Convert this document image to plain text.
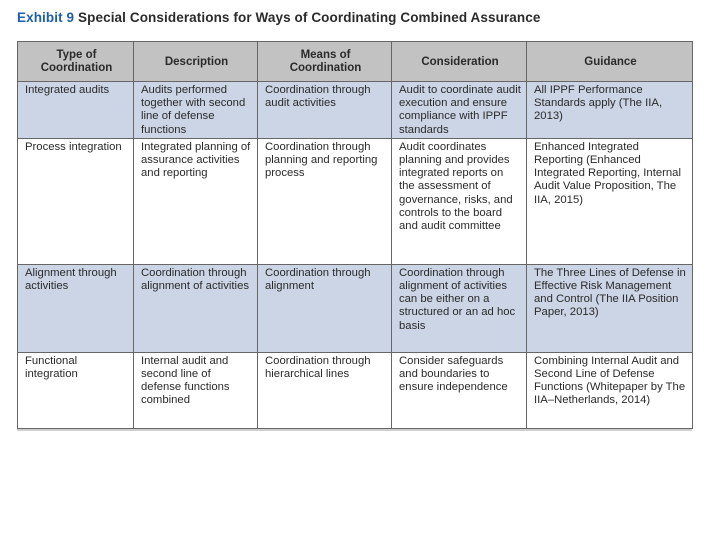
Exhibit 9 Special Considerations for Ways of Coordinating Combined Assurance
Type of Coordination	Description	Means of Coordination	Consideration	Guidance
Integrated audits	Audits performed together with second line of defense functions	Coordination through audit activities	Audit to coordinate audit execution and ensure compliance with IPPF standards	All IPPF Performance Standards apply (The IIA, 2013)
Process integration	Integrated planning of assurance activities and reporting	Coordination through planning and reporting process	Audit coordinates planning and provides integrated reports on the assessment of governance, risks, and controls to the board and audit committee	Enhanced Integrated Reporting (Enhanced Integrated Reporting, Internal Audit Value Proposition, The IIA, 2015)
Alignment through activities	Coordination through alignment of activities	Coordination through alignment	Coordination through alignment of activities can be either on a structured or an ad hoc basis	The Three Lines of Defense in Effective Risk Management and Control (The IIA Position Paper, 2013)
Functional integration	Internal audit and second line of defense functions combined	Coordination through hierarchical lines	Consider safeguards and boundaries to ensure independence	Combining Internal Audit and Second Line of Defense Functions (Whitepaper by The IIA–Netherlands, 2014)
